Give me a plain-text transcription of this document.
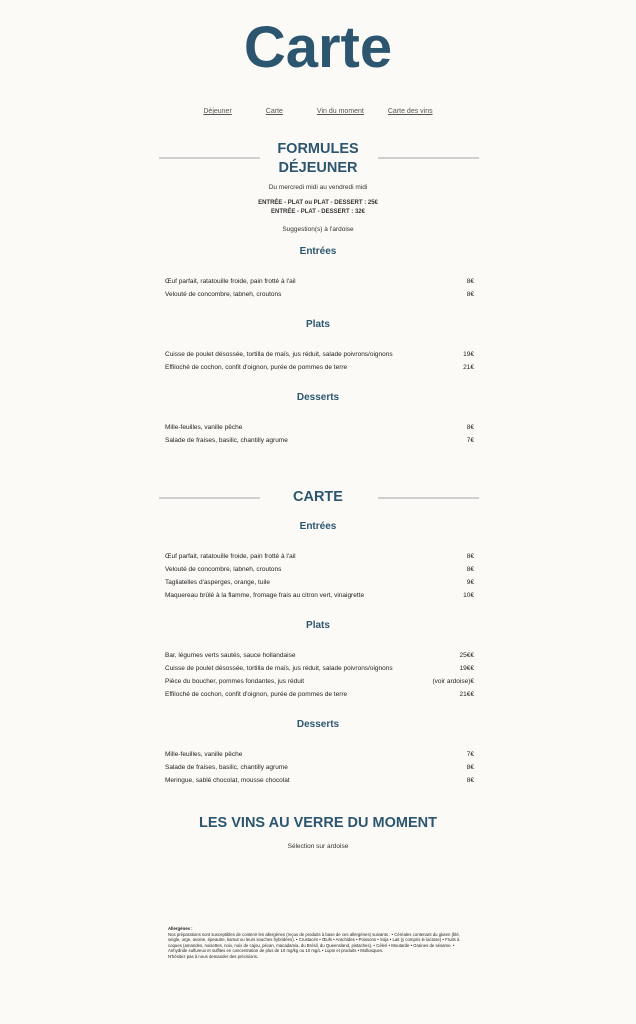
Carte
Déjeuner	Carte	Vin du moment	Carte des vins
FORMULES
DÉJEUNER
Du mercredi midi au vendredi midi
ENTRÉE - PLAT ou PLAT - DESSERT : 25€
ENTRÉE - PLAT - DESSERT : 32€
Suggestion(s) à l'ardoise
Entrées
Œuf parfait, ratatouille froide, pain frotté à l'ail	8€
Velouté de concombre, labneh, croutons	8€
Plats
Cuisse de poulet désossée, tortilla de maïs, jus réduit, salade poivrons/oignons	19€
Effiloché de cochon, confit d'oignon, purée de pommes de terre	21€
Desserts
Mille-feuilles, vanille pêche	8€
Salade de fraises, basilic, chantilly agrume	7€
CARTE
Entrées
Œuf parfait, ratatouille froide, pain frotté à l'ail	8€
Velouté de concombre, labneh, croutons	8€
Tagliatelles d'asperges, orange, tuile	9€
Maquereau brûlé à la flamme, fromage frais au citron vert, vinaigrette	10€
Plats
Bar, légumes verts sautés, sauce hollandaise	25€€
Cuisse de poulet désossée, tortilla de maïs, jus réduit, salade poivrons/oignons	19€€
Pièce du boucher, pommes fondantes, jus réduit	(voir ardoise)€
Effiloché de cochon, confit d'oignon, purée de pommes de terre	21€€
Desserts
Mille-feuilles, vanille pêche	7€
Salade de fraises, basilic, chantilly agrume	8€
Meringue, sablé chocolat, mousse chocolat	8€
LES VINS AU VERRE DU MOMENT
Sélection sur ardoise
Allergènes :
Nos préparations sont susceptibles de contenir les allergènes (reçus de produits à base de ces allergènes) suivants : • Céréales contenant du gluten (blé, seigle, orge, avoine, épeautre, kamut ou leurs souches hybridées). • Crustacés • Œufs • Arachides • Poissons • Soja • Lait (y compris le lactose) • Fruits à coques (amandes, noisettes, noix, noix de cajou, pécan, macadamia, du Brésil, du Queensland, pistaches). • Céleri • Moutarde • Graines de sésame. • Anhydride sulfureux et sulfites en concentration de plus de 10 mg/kg ou 10 mg/L • Lupin et produits • Mollusques.
N'hésitez pas à nous demander des précisions.
